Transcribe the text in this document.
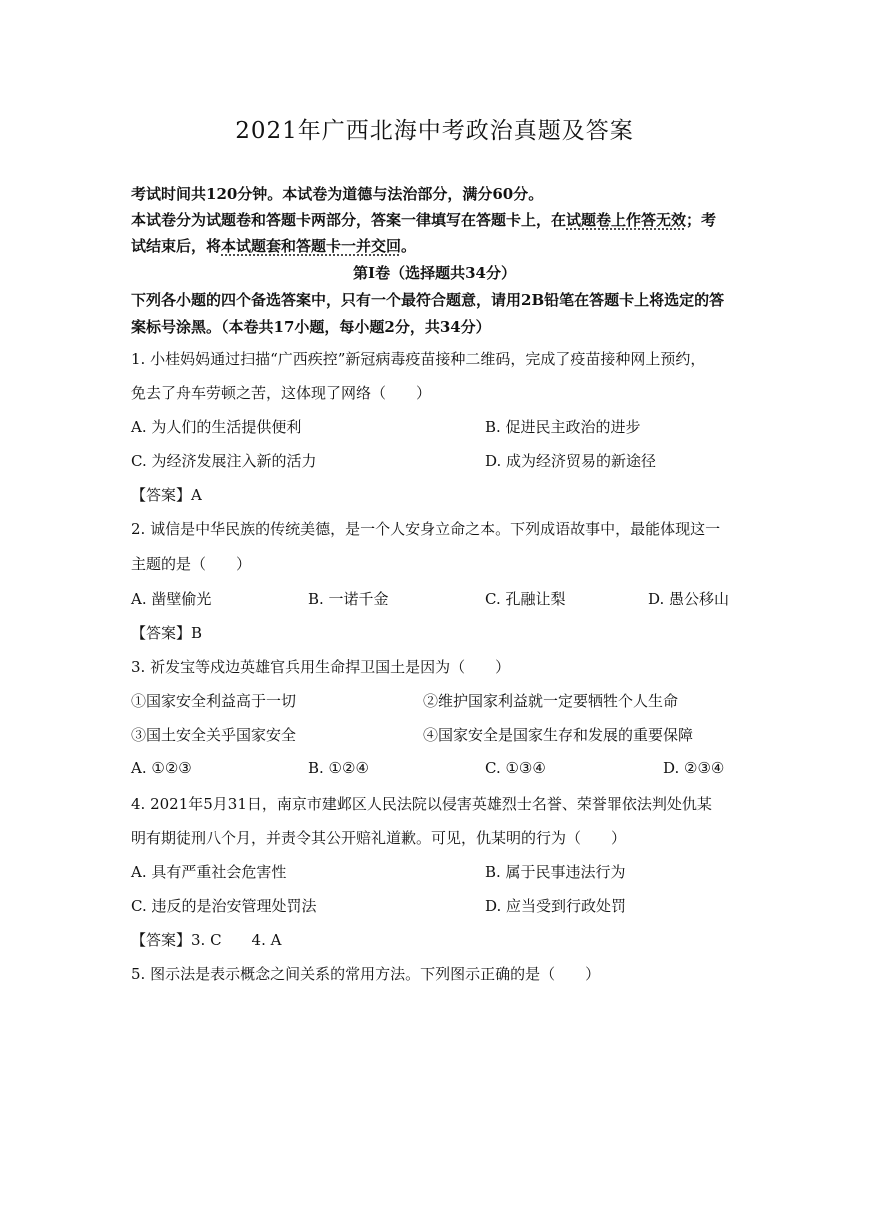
2021年广西北海中考政治真题及答案
考试时间共120分钟。本试卷为道德与法治部分，满分60分。
本试卷分为试题卷和答题卡两部分，答案一律填写在答题卡上，在试题卷上作答无效；考
试结束后，将本试题套和答题卡一并交回。
第Ⅰ卷（选择题共34分）
下列各小题的四个备选答案中，只有一个最符合题意，请用2B铅笔在答题卡上将选定的答
案标号涂黑。（本卷共17小题，每小题2分，共34分）
1. 小桂妈妈通过扫描“广西疾控”新冠病毒疫苗接种二维码，完成了疫苗接种网上预约，
免去了舟车劳顿之苦，这体现了网络（　　）
A. 为人们的生活提供便利	B. 促进民主政治的进步
C. 为经济发展注入新的活力	D. 成为经济贸易的新途径
【答案】A
2. 诚信是中华民族的传统美德，是一个人安身立命之本。下列成语故事中，最能体现这一
主题的是（　　）
A. 凿壁偷光	B. 一诺千金	C. 孔融让梨	D. 愚公移山
【答案】B
3. 祈发宝等戍边英雄官兵用生命捍卫国土是因为（　　）
①国家安全利益高于一切	②维护国家利益就一定要牺牲个人生命
③国土安全关乎国家安全	④国家安全是国家生存和发展的重要保障
A. ①②③	B. ①②④	C. ①③④	D. ②③④
4. 2021年5月31日，南京市建邺区人民法院以侵害英雄烈士名誉、荣誉罪依法判处仇某
明有期徒刑八个月，并责令其公开赔礼道歉。可见，仇某明的行为（　　）
A. 具有严重社会危害性	B. 属于民事违法行为
C. 违反的是治安管理处罚法	D. 应当受到行政处罚
【答案】3. C　　4. A
5. 图示法是表示概念之间关系的常用方法。下列图示正确的是（　　）
